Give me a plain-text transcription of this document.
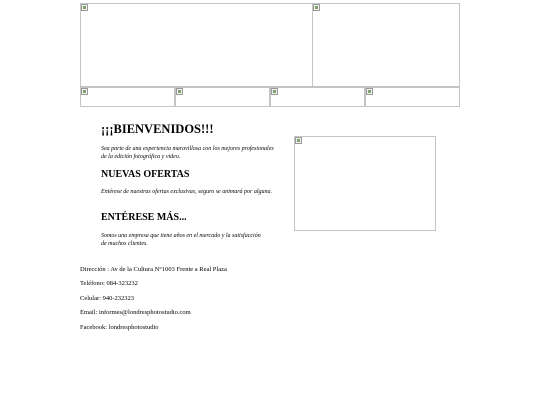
¡¡¡BIENVENIDOS!!!

Sea parte de una experiencia maravillosa con los mejores profesionales de la edición fotográfica y video.

NUEVAS OFERTAS

Entérese de nuestras ofertas exclusivas, seguro se animará por alguna.

ENTÉRESE MÁS...

Somos una empresa que tiene años en el mercado y la satisfacción de muchos clientes.

Dirección : Av de la Cultura N°1003 Frente a Real Plaza

Teléfono: 084-323232

Celular: 940-232323

Email: informes@londresphotostudio.com

Facebook: londresphotostudio
